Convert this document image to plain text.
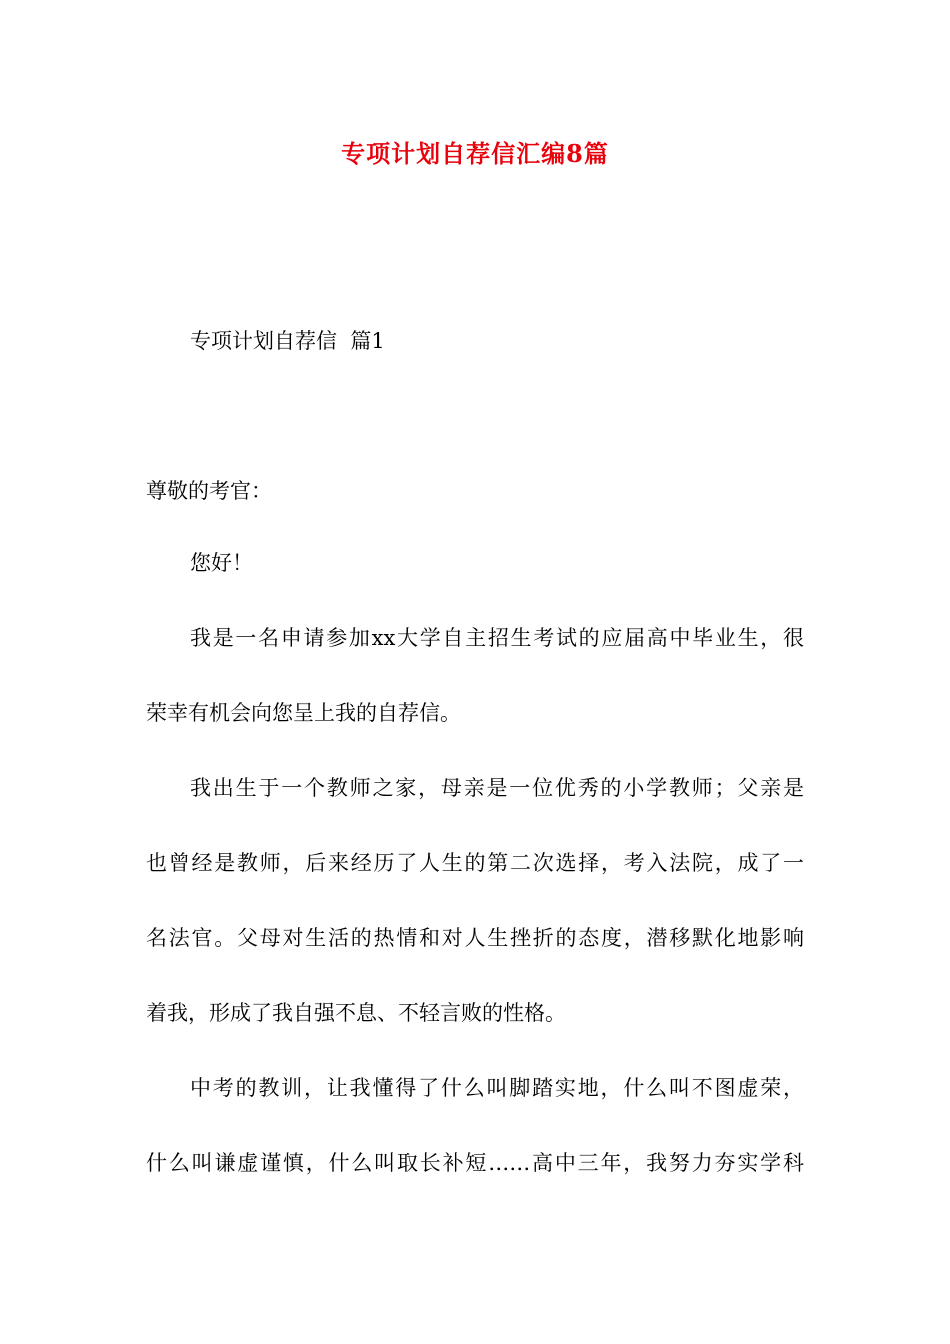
专项计划自荐信汇编8篇
专项计划自荐信  篇1
尊敬的考官：
您好！
我是一名申请参加xx大学自主招生考试的应届高中毕业生，很
荣幸有机会向您呈上我的自荐信。
我出生于一个教师之家，母亲是一位优秀的小学教师；父亲是
也曾经是教师，后来经历了人生的第二次选择，考入法院，成了一
名法官。父母对生活的热情和对人生挫折的态度，潜移默化地影响
着我，形成了我自强不息、不轻言败的性格。
中考的教训，让我懂得了什么叫脚踏实地，什么叫不图虚荣，
什么叫谦虚谨慎，什么叫取长补短……高中三年，我努力夯实学科
